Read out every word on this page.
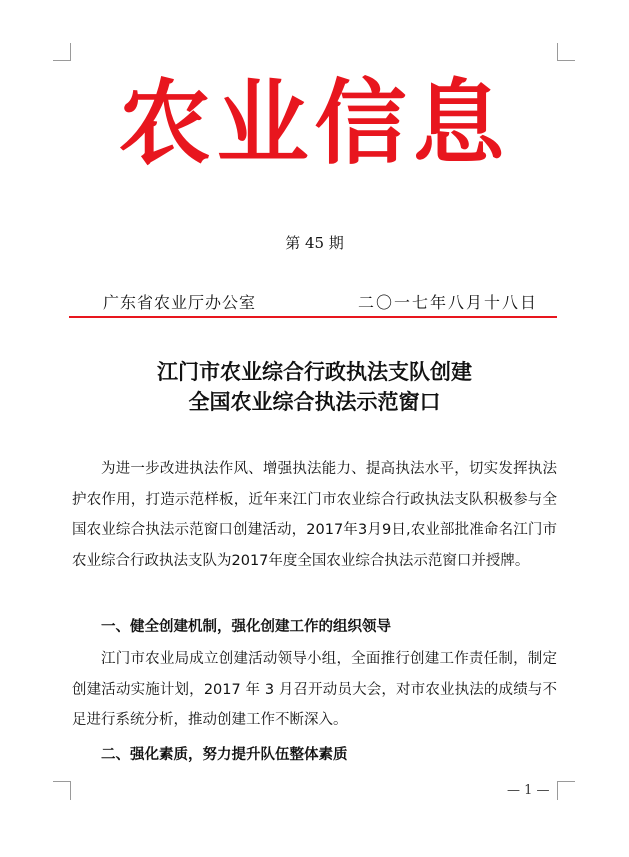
农业信息
第 45 期
广东省农业厅办公室	二〇一七年八月十八日
江门市农业综合行政执法支队创建
全国农业综合执法示范窗口
为进一步改进执法作风、增强执法能力、提高执法水平，切实发挥执法护农作用，打造示范样板，近年来江门市农业综合行政执法支队积极参与全国农业综合执法示范窗口创建活动，2017年3月9日,农业部批准命名江门市农业综合行政执法支队为2017年度全国农业综合执法示范窗口并授牌。
一、健全创建机制，强化创建工作的组织领导
江门市农业局成立创建活动领导小组，全面推行创建工作责任制，制定创建活动实施计划，2017 年 3 月召开动员大会，对市农业执法的成绩与不足进行系统分析，推动创建工作不断深入。
二、强化素质，努力提升队伍整体素质
— 1 —
